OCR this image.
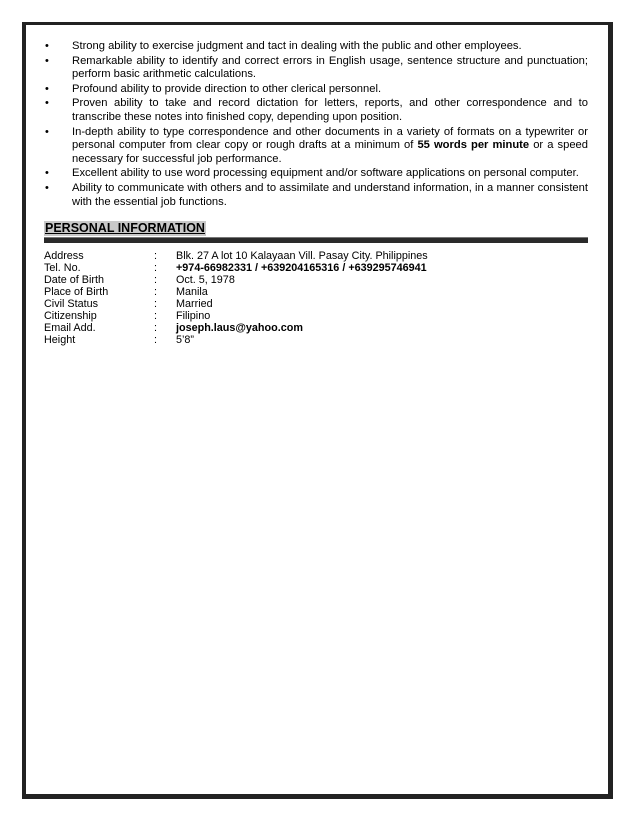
• Strong ability to exercise judgment and tact in dealing with the public and other employees.
• Remarkable ability to identify and correct errors in English usage, sentence structure and punctuation; perform basic arithmetic calculations.
• Profound ability to provide direction to other clerical personnel.
• Proven ability to take and record dictation for letters, reports, and other correspondence and to transcribe these notes into finished copy, depending upon position.
• In-depth ability to type correspondence and other documents in a variety of formats on a typewriter or personal computer from clear copy or rough drafts at a minimum of 55 words per minute or a speed necessary for successful job performance.
• Excellent ability to use word processing equipment and/or software applications on personal computer.
• Ability to communicate with others and to assimilate and understand information, in a manner consistent with the essential job functions.
PERSONAL INFORMATION
Address	:	Blk. 27 A lot 10 Kalayaan Vill. Pasay City. Philippines
Tel. No.	:	+974-66982331 / +639204165316 / +639295746941
Date of Birth	:	Oct. 5, 1978
Place of Birth	:	Manila
Civil Status	:	Married
Citizenship	:	Filipino
Email Add.	:	joseph.laus@yahoo.com
Height	:	5’8”
